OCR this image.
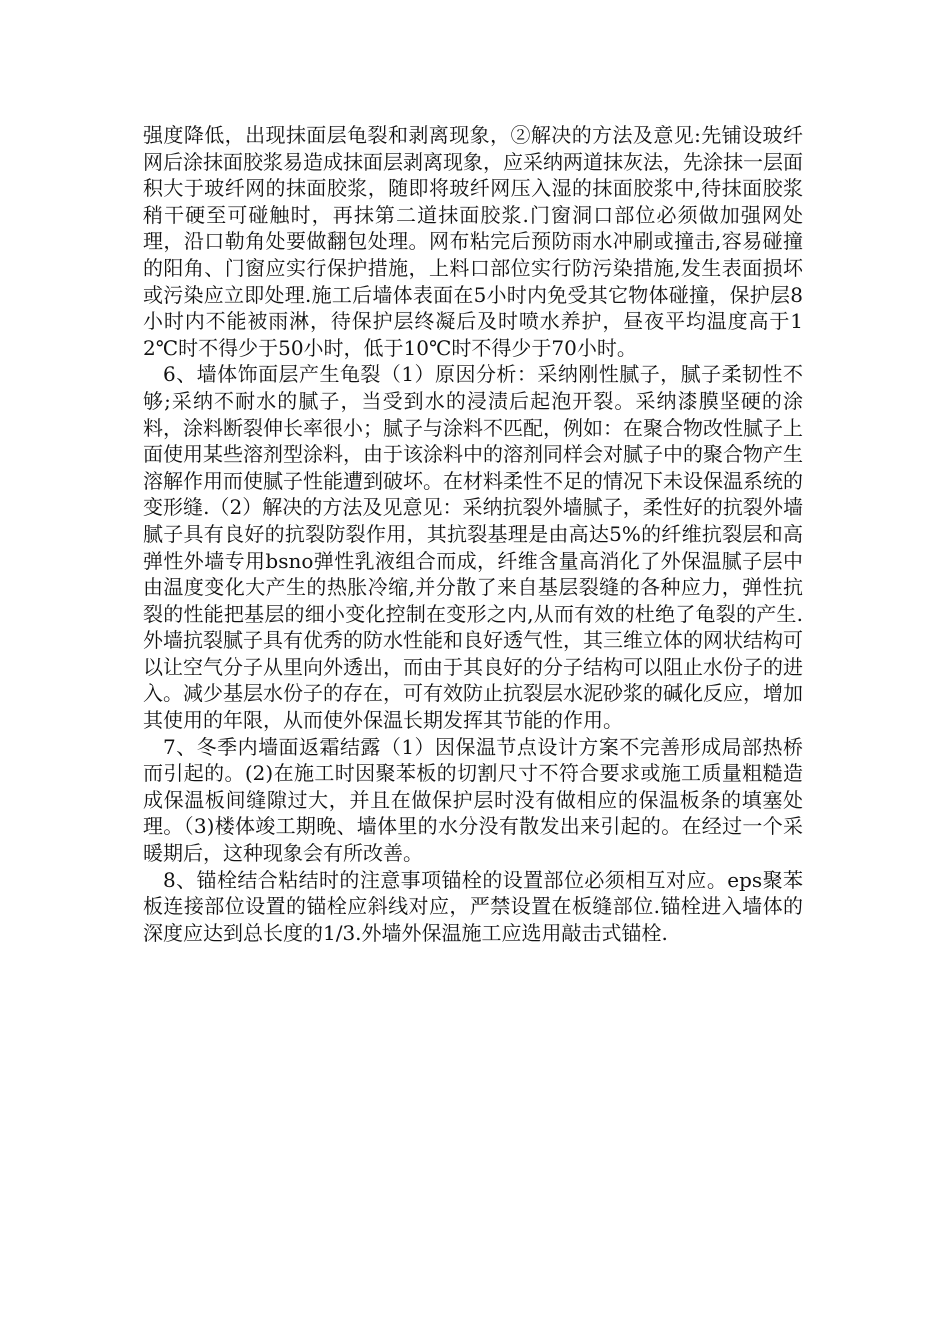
强度降低，出现抹面层龟裂和剥离现象，②解决的方法及意见:先铺设玻纤网后涂抹面胶浆易造成抹面层剥离现象，应采纳两道抹灰法，先涂抹一层面积大于玻纤网的抹面胶浆，随即将玻纤网压入湿的抹面胶浆中,待抹面胶浆稍干硬至可碰触时，再抹第二道抹面胶浆.门窗洞口部位必须做加强网处理，沿口勒角处要做翻包处理。网布粘完后预防雨水冲刷或撞击,容易碰撞的阳角、门窗应实行保护措施，上料口部位实行防污染措施,发生表面损坏或污染应立即处理.施工后墙体表面在5小时内免受其它物体碰撞，保护层8小时内不能被雨淋，待保护层终凝后及时喷水养护，昼夜平均温度高于12℃时不得少于50小时，低于10℃时不得少于70小时。

6、墙体饰面层产生龟裂（1）原因分析：采纳刚性腻子，腻子柔韧性不够;采纳不耐水的腻子，当受到水的浸渍后起泡开裂。采纳漆膜坚硬的涂料，涂料断裂伸长率很小；腻子与涂料不匹配，例如：在聚合物改性腻子上面使用某些溶剂型涂料，由于该涂料中的溶剂同样会对腻子中的聚合物产生溶解作用而使腻子性能遭到破坏。在材料柔性不足的情况下未设保温系统的变形缝.（2）解决的方法及见意见：采纳抗裂外墙腻子，柔性好的抗裂外墙腻子具有良好的抗裂防裂作用，其抗裂基理是由高达5%的纤维抗裂层和高弹性外墙专用bsno弹性乳液组合而成，纤维含量高消化了外保温腻子层中由温度变化大产生的热胀冷缩,并分散了来自基层裂缝的各种应力，弹性抗裂的性能把基层的细小变化控制在变形之内,从而有效的杜绝了龟裂的产生.外墙抗裂腻子具有优秀的防水性能和良好透气性，其三维立体的网状结构可以让空气分子从里向外透出，而由于其良好的分子结构可以阻止水份子的进入。减少基层水份子的存在，可有效防止抗裂层水泥砂浆的碱化反应，增加其使用的年限，从而使外保温长期发挥其节能的作用。

7、冬季内墙面返霜结露（1）因保温节点设计方案不完善形成局部热桥而引起的。(2)在施工时因聚苯板的切割尺寸不符合要求或施工质量粗糙造成保温板间缝隙过大，并且在做保护层时没有做相应的保温板条的填塞处理。（3)楼体竣工期晚、墙体里的水分没有散发出来引起的。在经过一个采暖期后，这种现象会有所改善。

8、锚栓结合粘结时的注意事项锚栓的设置部位必须相互对应。eps聚苯板连接部位设置的锚栓应斜线对应，严禁设置在板缝部位.锚栓进入墙体的深度应达到总长度的1/3.外墙外保温施工应选用敲击式锚栓.
